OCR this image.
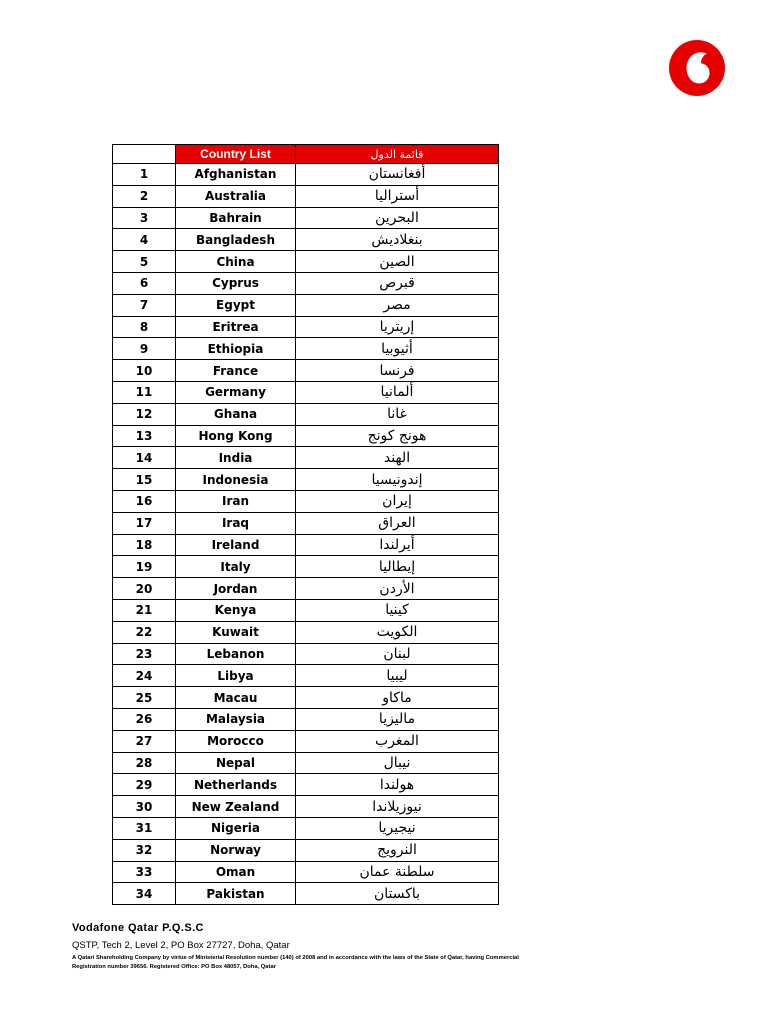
	Country List	قائمة الدول
1	Afghanistan	أفغانستان
2	Australia	أستراليا
3	Bahrain	البحرين
4	Bangladesh	بنغلاديش
5	China	الصين
6	Cyprus	قبرص
7	Egypt	مصر
8	Eritrea	إريتريا
9	Ethiopia	أثيوبيا
10	France	فرنسا
11	Germany	ألمانيا
12	Ghana	غانا
13	Hong Kong	هونج كونج
14	India	الهند
15	Indonesia	إندونيسيا
16	Iran	إيران
17	Iraq	العراق
18	Ireland	أيرلندا
19	Italy	إيطاليا
20	Jordan	الأردن
21	Kenya	كينيا
22	Kuwait	الكويت
23	Lebanon	لبنان
24	Libya	ليبيا
25	Macau	ماكاو
26	Malaysia	ماليزيا
27	Morocco	المغرب
28	Nepal	نيبال
29	Netherlands	هولندا
30	New Zealand	نيوزيلاندا
31	Nigeria	نيجيريا
32	Norway	النرويج
33	Oman	سلطنة عمان
34	Pakistan	باكستان

Vodafone Qatar P.Q.S.C

QSTP, Tech 2, Level 2, PO Box 27727, Doha, Qatar

A Qatari Shareholding Company by virtue of Ministerial Resolution number (140) of 2008 and in accordance with the laws of the State of Qatar, having Commercial

Registration number 39656. Registered Office: PO Box 48057, Doha, Qatar
